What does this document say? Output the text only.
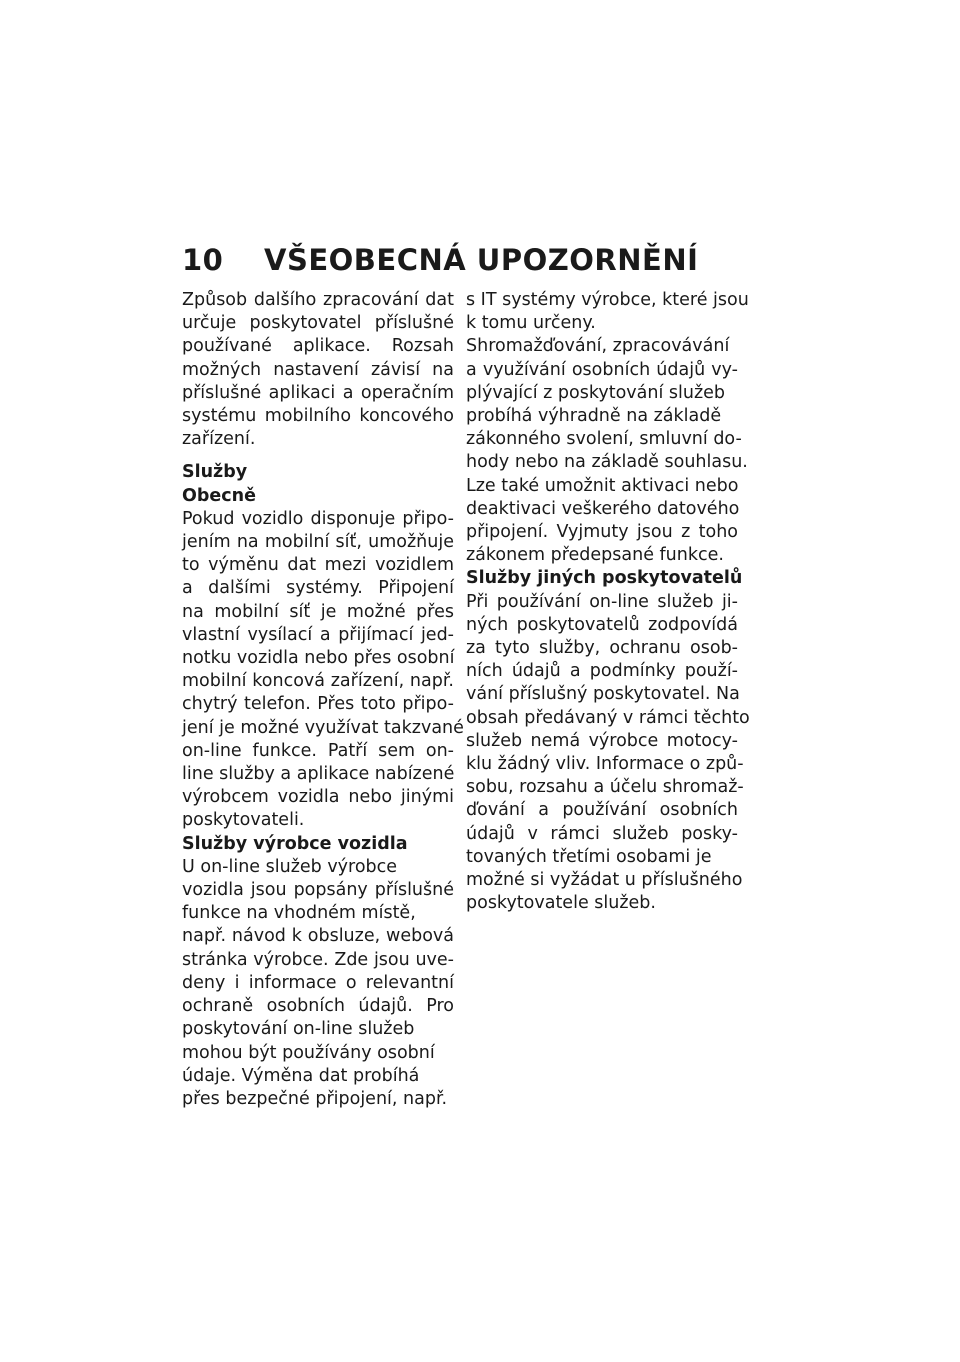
10 VŠEOBECNÁ UPOZORNĚNÍ
Způsob dalšího zpracování dat
určuje poskytovatel příslušné
používané aplikace. Rozsah
možných nastavení závisí na
příslušné aplikaci a operačním
systému mobilního koncového
zařízení.
Služby
Obecně
Pokud vozidlo disponuje připo-
jením na mobilní síť, umožňuje
to výměnu dat mezi vozidlem
a dalšími systémy. Připojení
na mobilní síť je možné přes
vlastní vysílací a přijímací jed-
notku vozidla nebo přes osobní
mobilní koncová zařízení, např.
chytrý telefon. Přes toto připo-
jení je možné využívat takzvané
on-line funkce. Patří sem on-
line služby a aplikace nabízené
výrobcem vozidla nebo jinými
poskytovateli.
Služby výrobce vozidla
U on-line služeb výrobce
vozidla jsou popsány příslušné
funkce na vhodném místě,
např. návod k obsluze, webová
stránka výrobce. Zde jsou uve-
deny i informace o relevantní
ochraně osobních údajů. Pro
poskytování on-line služeb
mohou být používány osobní
údaje. Výměna dat probíhá
přes bezpečné připojení, např.
s IT systémy výrobce, které jsou
k tomu určeny.
Shromažďování, zpracovávání
a využívání osobních údajů vy-
plývající z poskytování služeb
probíhá výhradně na základě
zákonného svolení, smluvní do-
hody nebo na základě souhlasu.
Lze také umožnit aktivaci nebo
deaktivaci veškerého datového
připojení. Vyjmuty jsou z toho
zákonem předepsané funkce.
Služby jiných poskytovatelů
Při používání on-line služeb ji-
ných poskytovatelů zodpovídá
za tyto služby, ochranu osob-
ních údajů a podmínky použí-
vání příslušný poskytovatel. Na
obsah předávaný v rámci těchto
služeb nemá výrobce motocy-
klu žádný vliv. Informace o způ-
sobu, rozsahu a účelu shromaž-
ďování a používání osobních
údajů v rámci služeb posky-
tovaných třetími osobami je
možné si vyžádat u příslušného
poskytovatele služeb.
